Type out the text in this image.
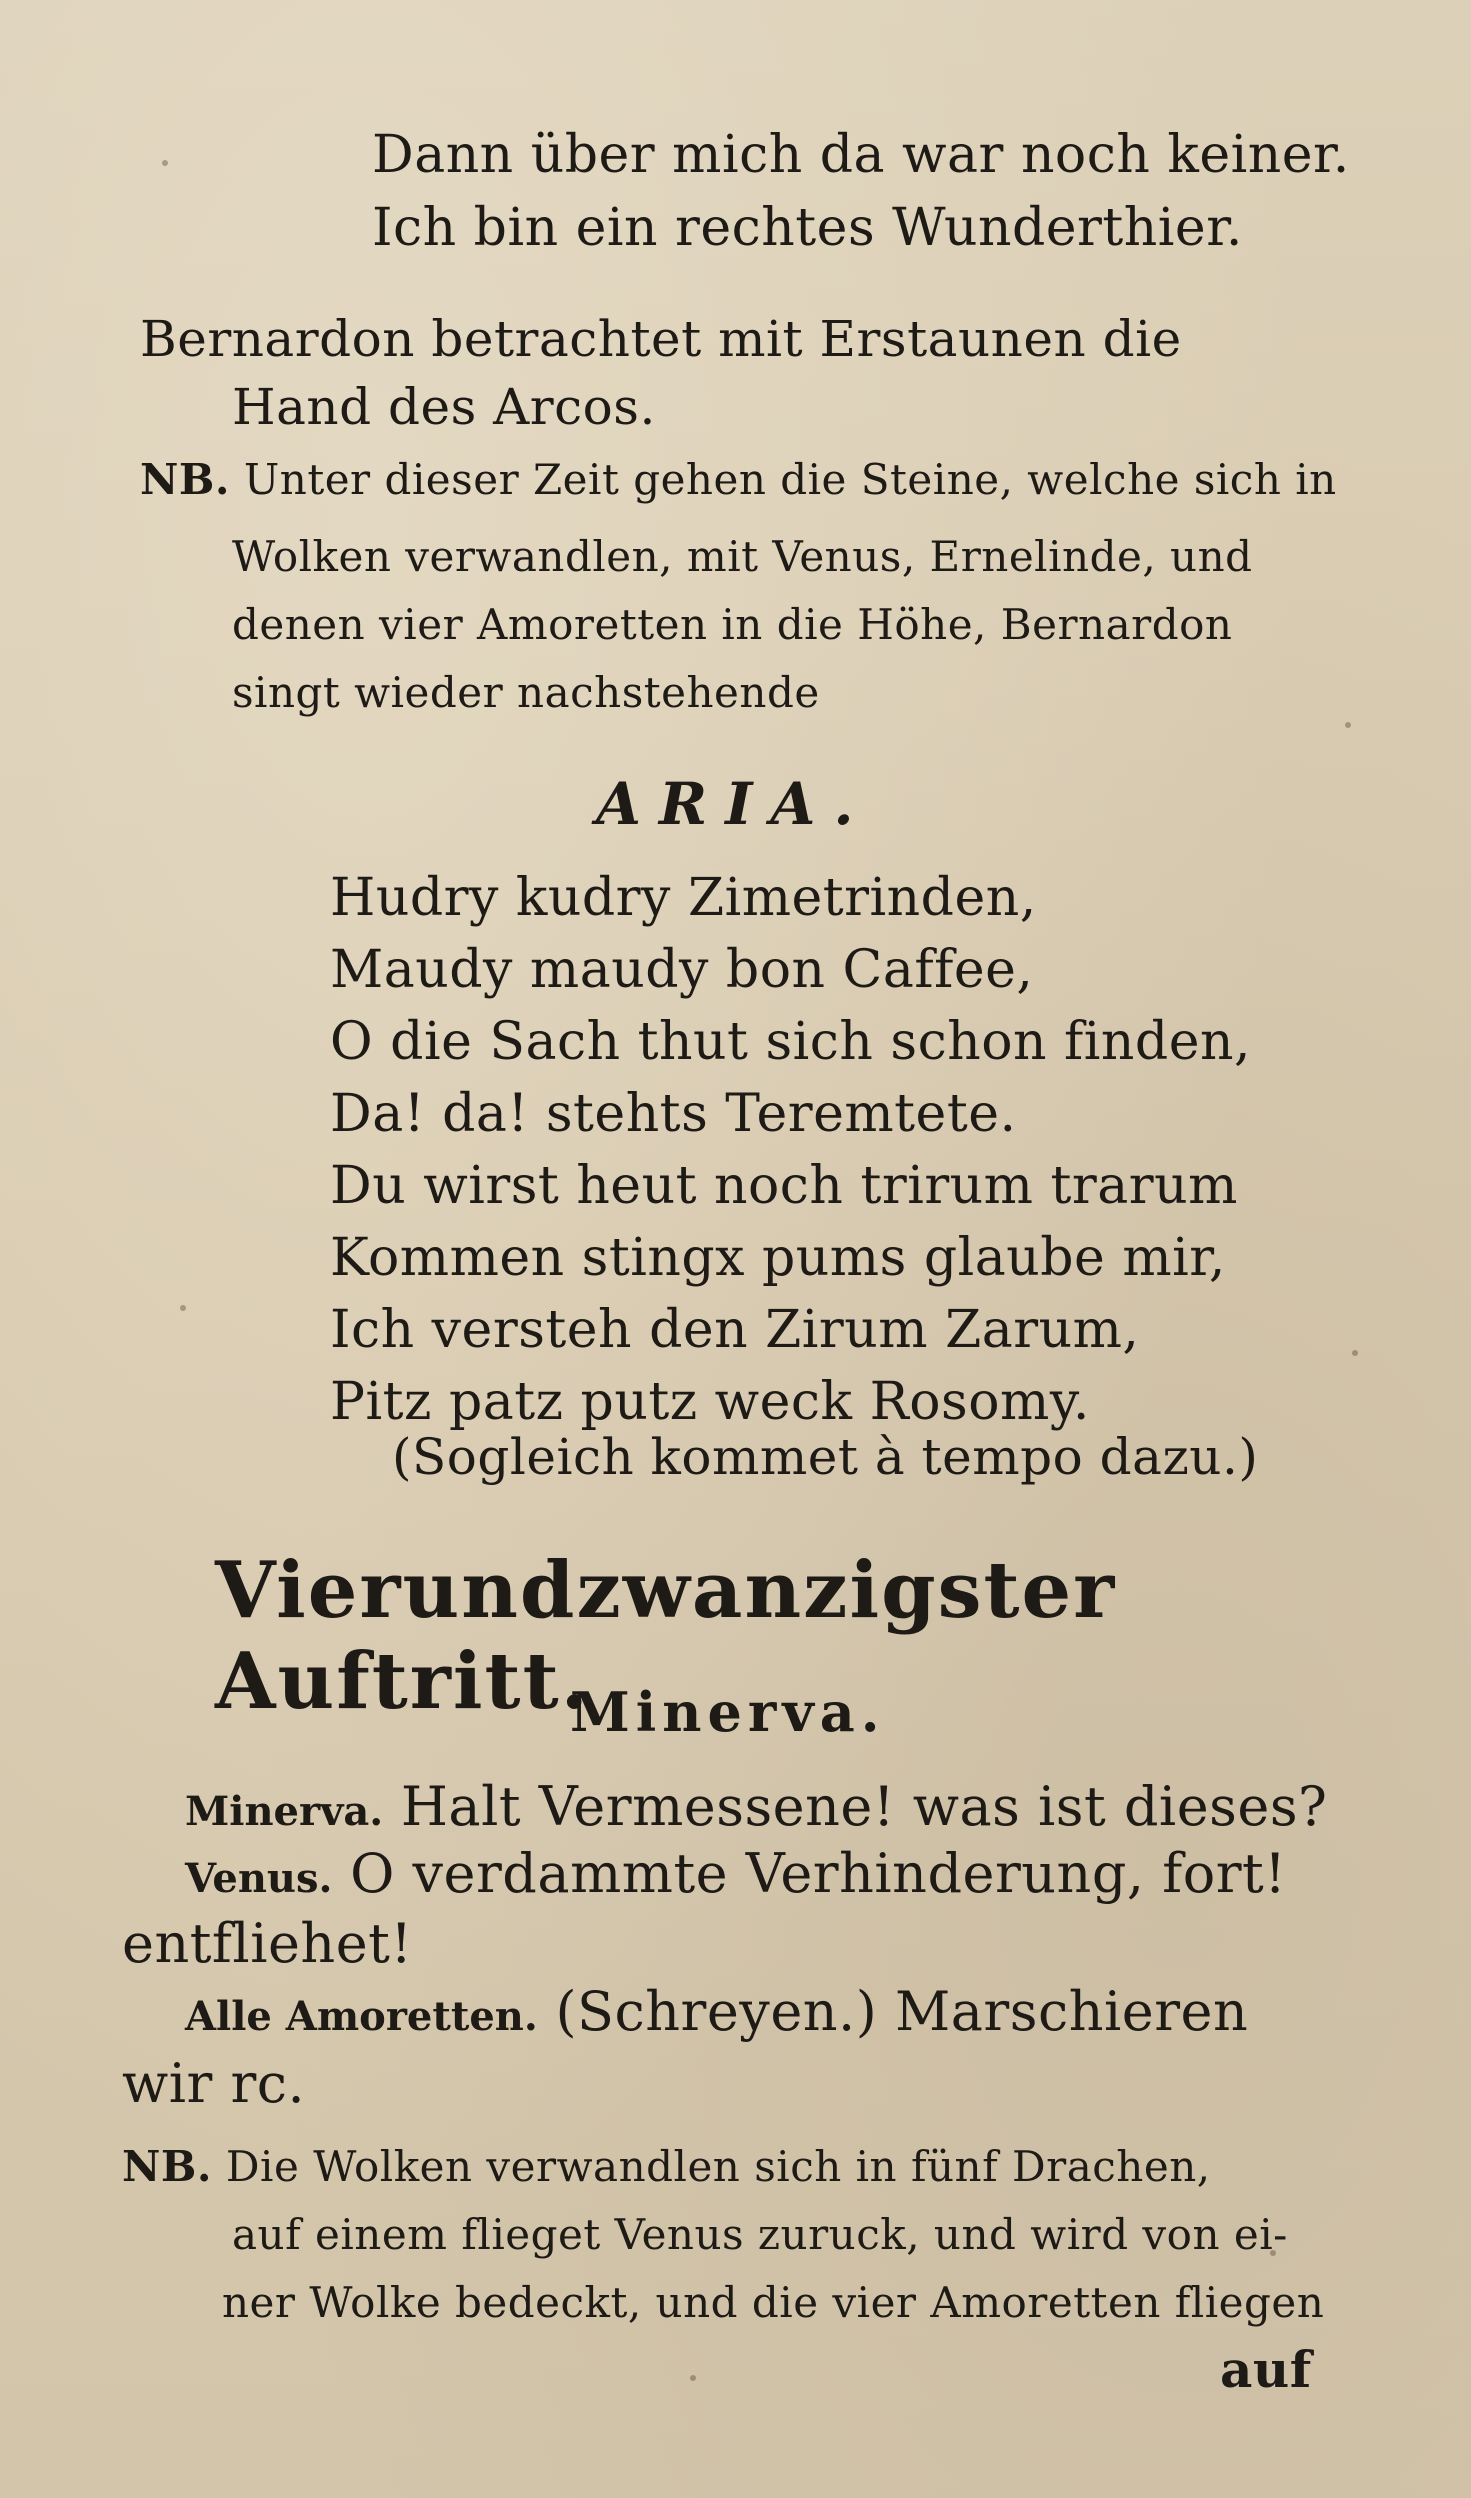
Dann über mich da war noch keiner.
Ich bin ein rechtes Wunderthier.
Bernardon betrachtet mit Erstaunen die
Hand des Arcos.
NB. Unter dieser Zeit gehen die Steine, welche sich in
Wolken verwandlen, mit Venus, Ernelinde, und
denen vier Amoretten in die Höhe, Bernardon
singt wieder nachstehende
ARIA.
Hudry kudry Zimetrinden,
Maudy maudy bon Caffee,
O die Sach thut sich schon finden,
Da! da! stehts Teremtete.
Du wirst heut noch trirum trarum
Kommen stingx pums glaube mir,
Ich versteh den Zirum Zarum,
Pitz patz putz weck Rosomy.
(Sogleich kommet à tempo dazu.)
Vierundzwanzigster Auftritt.
Minerva.
Minerva. Halt Vermessene! was ist dieses?
Venus. O verdammte Verhinderung, fort!
entfliehet!
Alle Amoretten. (Schreyen.) Marschieren
wir rc.
NB. Die Wolken verwandlen sich in fünf Drachen,
auf einem flieget Venus zuruck, und wird von ei-
ner Wolke bedeckt, und die vier Amoretten fliegen
auf
